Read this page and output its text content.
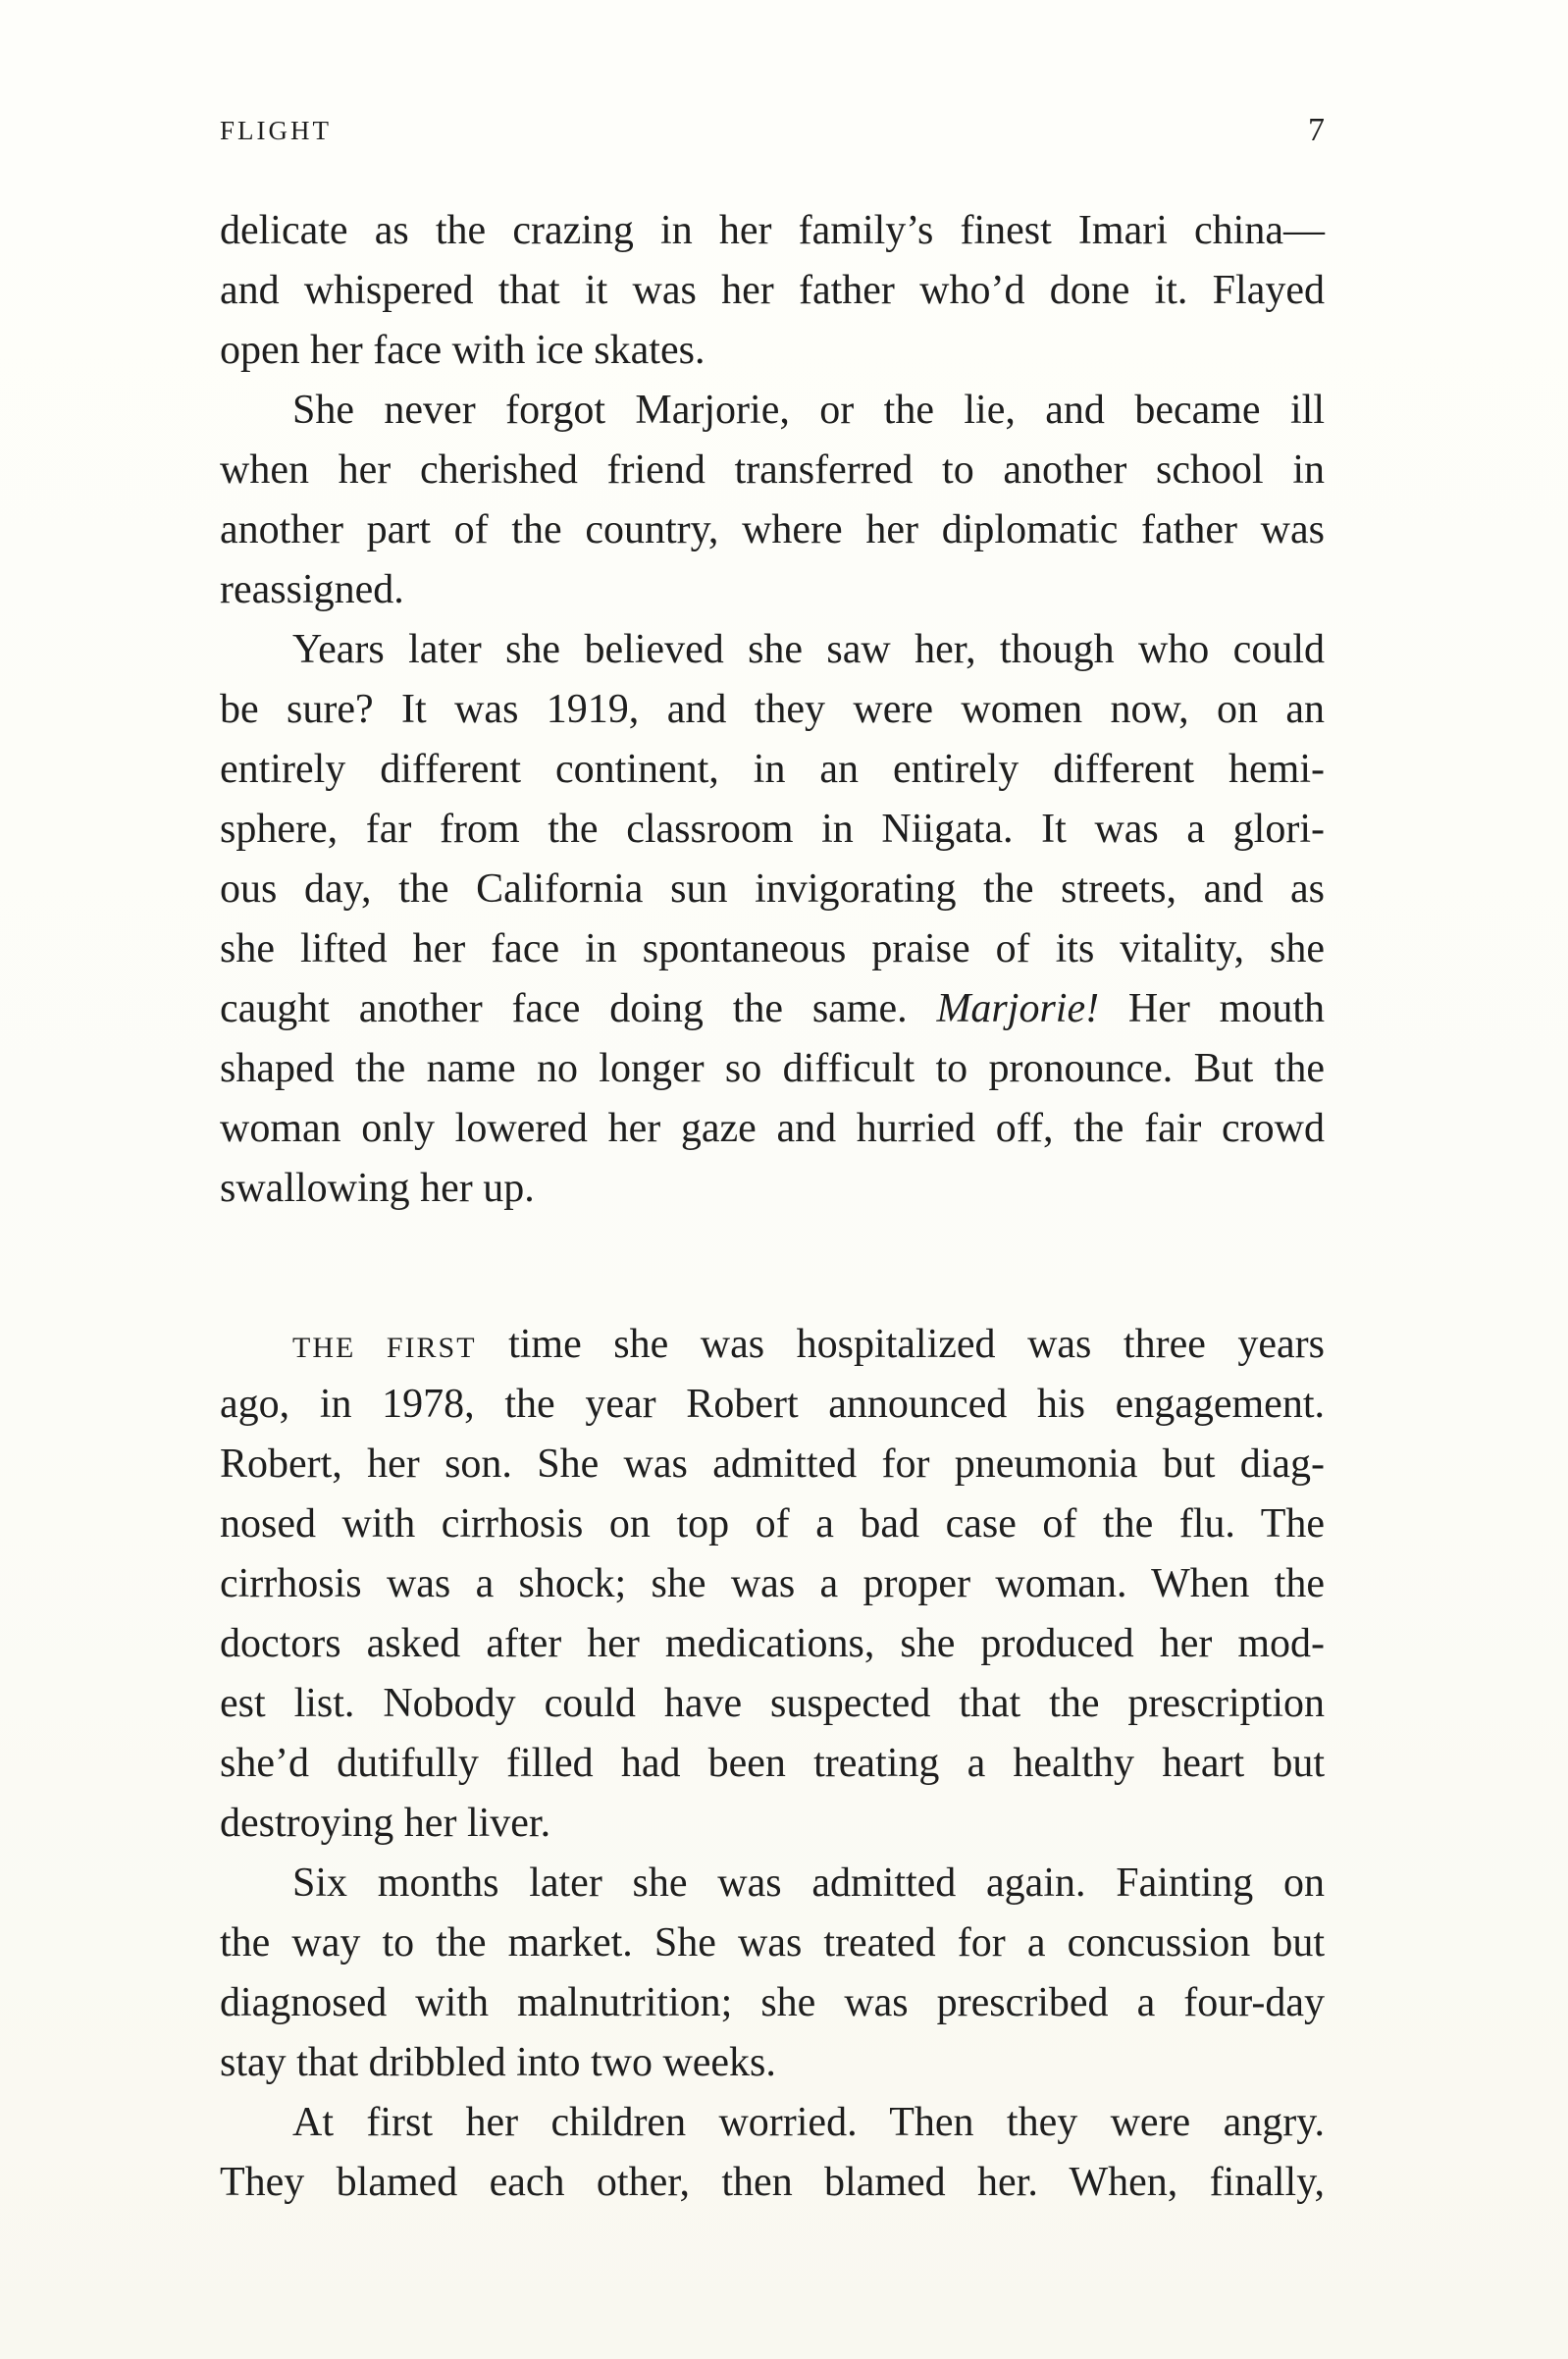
FLIGHT	7
delicate as the crazing in her family’s finest Imari china—
and whispered that it was her father who’d done it. Flayed
open her face with ice skates.
She never forgot Marjorie, or the lie, and became ill
when her cherished friend transferred to another school in
another part of the country, where her diplomatic father was
reassigned.
Years later she believed she saw her, though who could
be sure? It was 1919, and they were women now, on an
entirely different continent, in an entirely different hemi-
sphere, far from the classroom in Niigata. It was a glori-
ous day, the California sun invigorating the streets, and as
she lifted her face in spontaneous praise of its vitality, she
caught another face doing the same. Marjorie! Her mouth
shaped the name no longer so difficult to pronounce. But the
woman only lowered her gaze and hurried off, the fair crowd
swallowing her up.
THE FIRST time she was hospitalized was three years
ago, in 1978, the year Robert announced his engagement.
Robert, her son. She was admitted for pneumonia but diag-
nosed with cirrhosis on top of a bad case of the flu. The
cirrhosis was a shock; she was a proper woman. When the
doctors asked after her medications, she produced her mod-
est list. Nobody could have suspected that the prescription
she’d dutifully filled had been treating a healthy heart but
destroying her liver.
Six months later she was admitted again. Fainting on
the way to the market. She was treated for a concussion but
diagnosed with malnutrition; she was prescribed a four-day
stay that dribbled into two weeks.
At first her children worried. Then they were angry.
They blamed each other, then blamed her. When, finally,
